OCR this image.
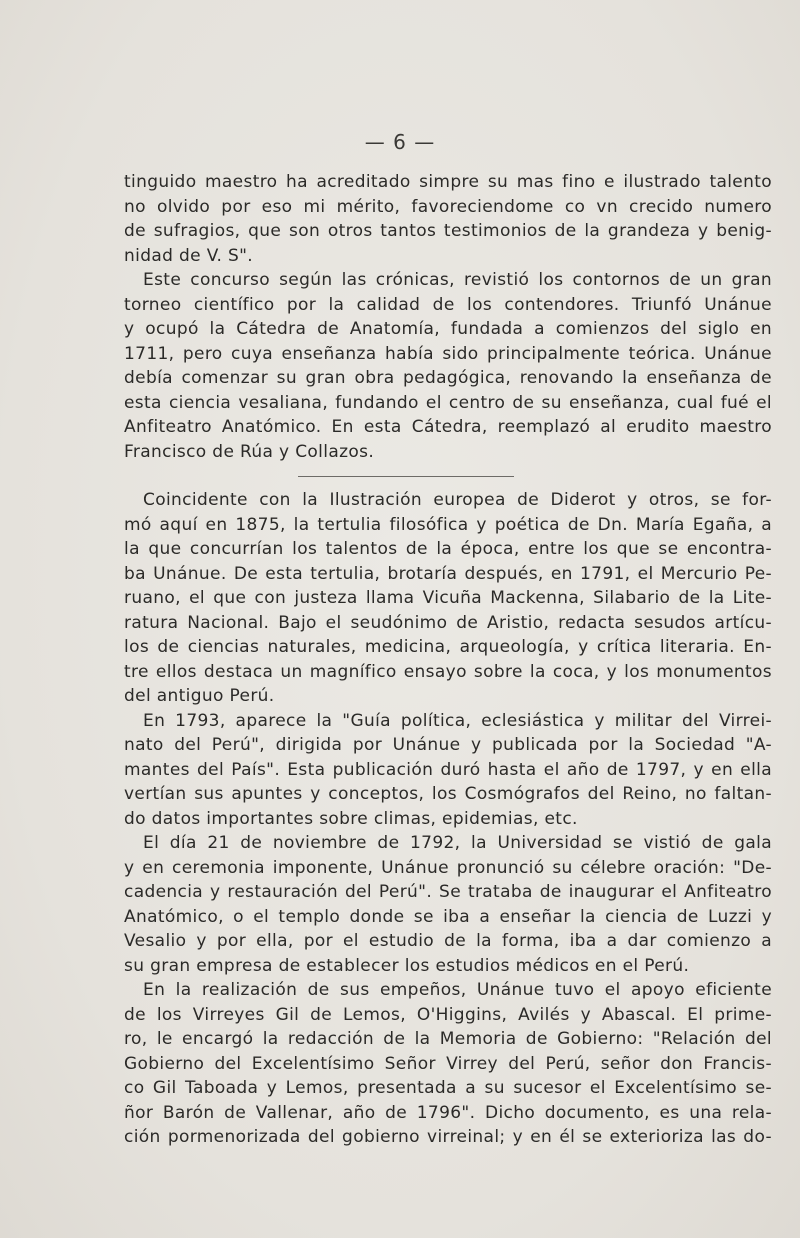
— 6 —
tinguido maestro ha acreditado simpre su mas fino e ilustrado talento
no olvido por eso mi mérito, favoreciendome co vn crecido numero
de sufragios, que son otros tantos testimonios de la grandeza y benig-
nidad de V. S".
Este concurso según las crónicas, revistió los contornos de un gran
torneo científico por la calidad de los contendores. Triunfó Unánue
y ocupó la Cátedra de Anatomía, fundada a comienzos del siglo en
1711, pero cuya enseñanza había sido principalmente teórica. Unánue
debía comenzar su gran obra pedagógica, renovando la enseñanza de
esta ciencia vesaliana, fundando el centro de su enseñanza, cual fué el
Anfiteatro Anatómico. En esta Cátedra, reemplazó al erudito maestro
Francisco de Rúa y Collazos.
Coincidente con la Ilustración europea de Diderot y otros, se for-
mó aquí en 1875, la tertulia filosófica y poética de Dn. María Egaña, a
la que concurrían los talentos de la época, entre los que se encontra-
ba Unánue. De esta tertulia, brotaría después, en 1791, el Mercurio Pe-
ruano, el que con justeza llama Vicuña Mackenna, Silabario de la Lite-
ratura Nacional. Bajo el seudónimo de Aristio, redacta sesudos artícu-
los de ciencias naturales, medicina, arqueología, y crítica literaria. En-
tre ellos destaca un magnífico ensayo sobre la coca, y los monumentos
del antiguo Perú.
En 1793, aparece la "Guía política, eclesiástica y militar del Virrei-
nato del Perú", dirigida por Unánue y publicada por la Sociedad "A-
mantes del País". Esta publicación duró hasta el año de 1797, y en ella
vertían sus apuntes y conceptos, los Cosmógrafos del Reino, no faltan-
do datos importantes sobre climas, epidemias, etc.
El día 21 de noviembre de 1792, la Universidad se vistió de gala
y en ceremonia imponente, Unánue pronunció su célebre oración: "De-
cadencia y restauración del Perú". Se trataba de inaugurar el Anfiteatro
Anatómico, o el templo donde se iba a enseñar la ciencia de Luzzi y
Vesalio y por ella, por el estudio de la forma, iba a dar comienzo a
su gran empresa de establecer los estudios médicos en el Perú.
En la realización de sus empeños, Unánue tuvo el apoyo eficiente
de los Virreyes Gil de Lemos, O'Higgins, Avilés y Abascal. El prime-
ro, le encargó la redacción de la Memoria de Gobierno: "Relación del
Gobierno del Excelentísimo Señor Virrey del Perú, señor don Francis-
co Gil Taboada y Lemos, presentada a su sucesor el Excelentísimo se-
ñor Barón de Vallenar, año de 1796". Dicho documento, es una rela-
ción pormenorizada del gobierno virreinal; y en él se exterioriza las do-
